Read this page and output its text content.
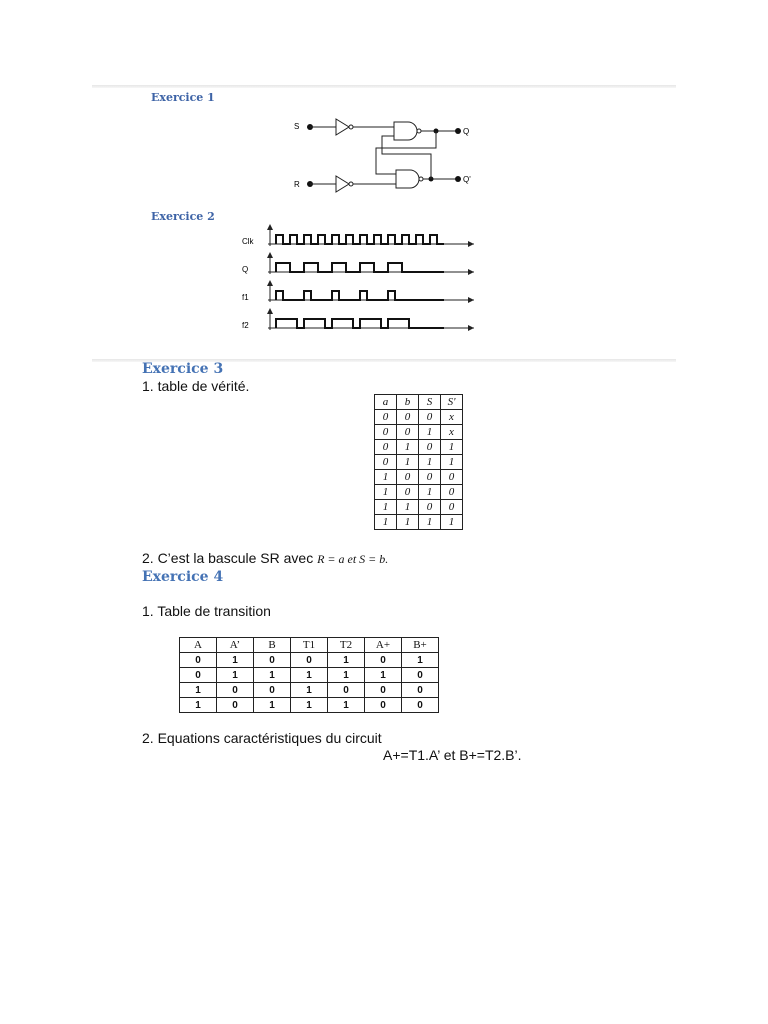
Exercice 1
S
Q
R
Q'
Exercice 2
Clk
Q
f1
f2
Exercice 3
1. table de vérité.
a	b	S	S'
0	0	0	x
0	0	1	x
0	1	0	1
0	1	1	1
1	0	0	0
1	0	1	0
1	1	0	0
1	1	1	1
2. C’est la bascule SR avec R = a et S = b.
Exercice 4
1. Table de transition
A	A’	B	T1	T2	A+	B+
0	1	0	0	1	0	1
0	1	1	1	1	1	0
1	0	0	1	0	0	0
1	0	1	1	1	0	0
2. Equations caractéristiques du circuit
A+=T1.A’ et B+=T2.B’.
